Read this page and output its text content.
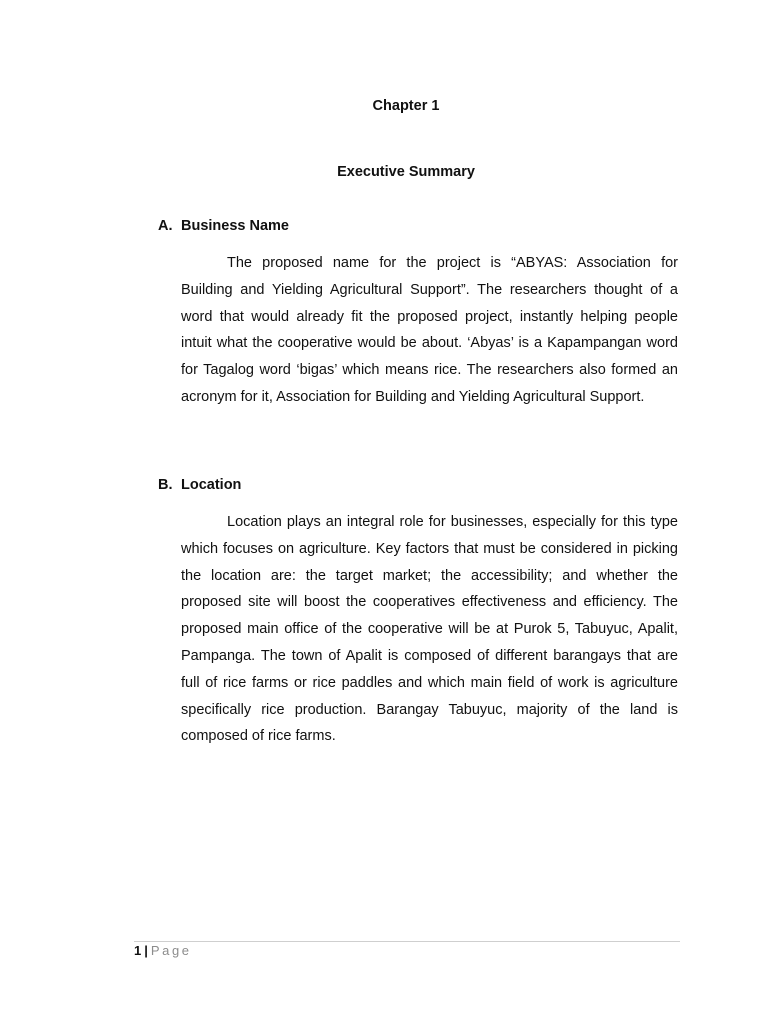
Chapter 1
Executive Summary
A. Business Name

The proposed name for the project is “ABYAS: Association for Building and Yielding Agricultural Support”. The researchers thought of a word that would already fit the proposed project, instantly helping people intuit what the cooperative would be about. ‘Abyas’ is a Kapampangan word for Tagalog word ‘bigas’ which means rice. The researchers also formed an acronym for it, Association for Building and Yielding Agricultural Support.

B. Location

Location plays an integral role for businesses, especially for this type which focuses on agriculture. Key factors that must be considered in picking the location are: the target market; the accessibility; and whether the proposed site will boost the cooperatives effectiveness and efficiency. The proposed main office of the cooperative will be at Purok 5, Tabuyuc, Apalit, Pampanga. The town of Apalit is composed of different barangays that are full of rice farms or rice paddles and which main field of work is agriculture specifically rice production. Barangay Tabuyuc, majority of the land is composed of rice farms.

1 | Page
